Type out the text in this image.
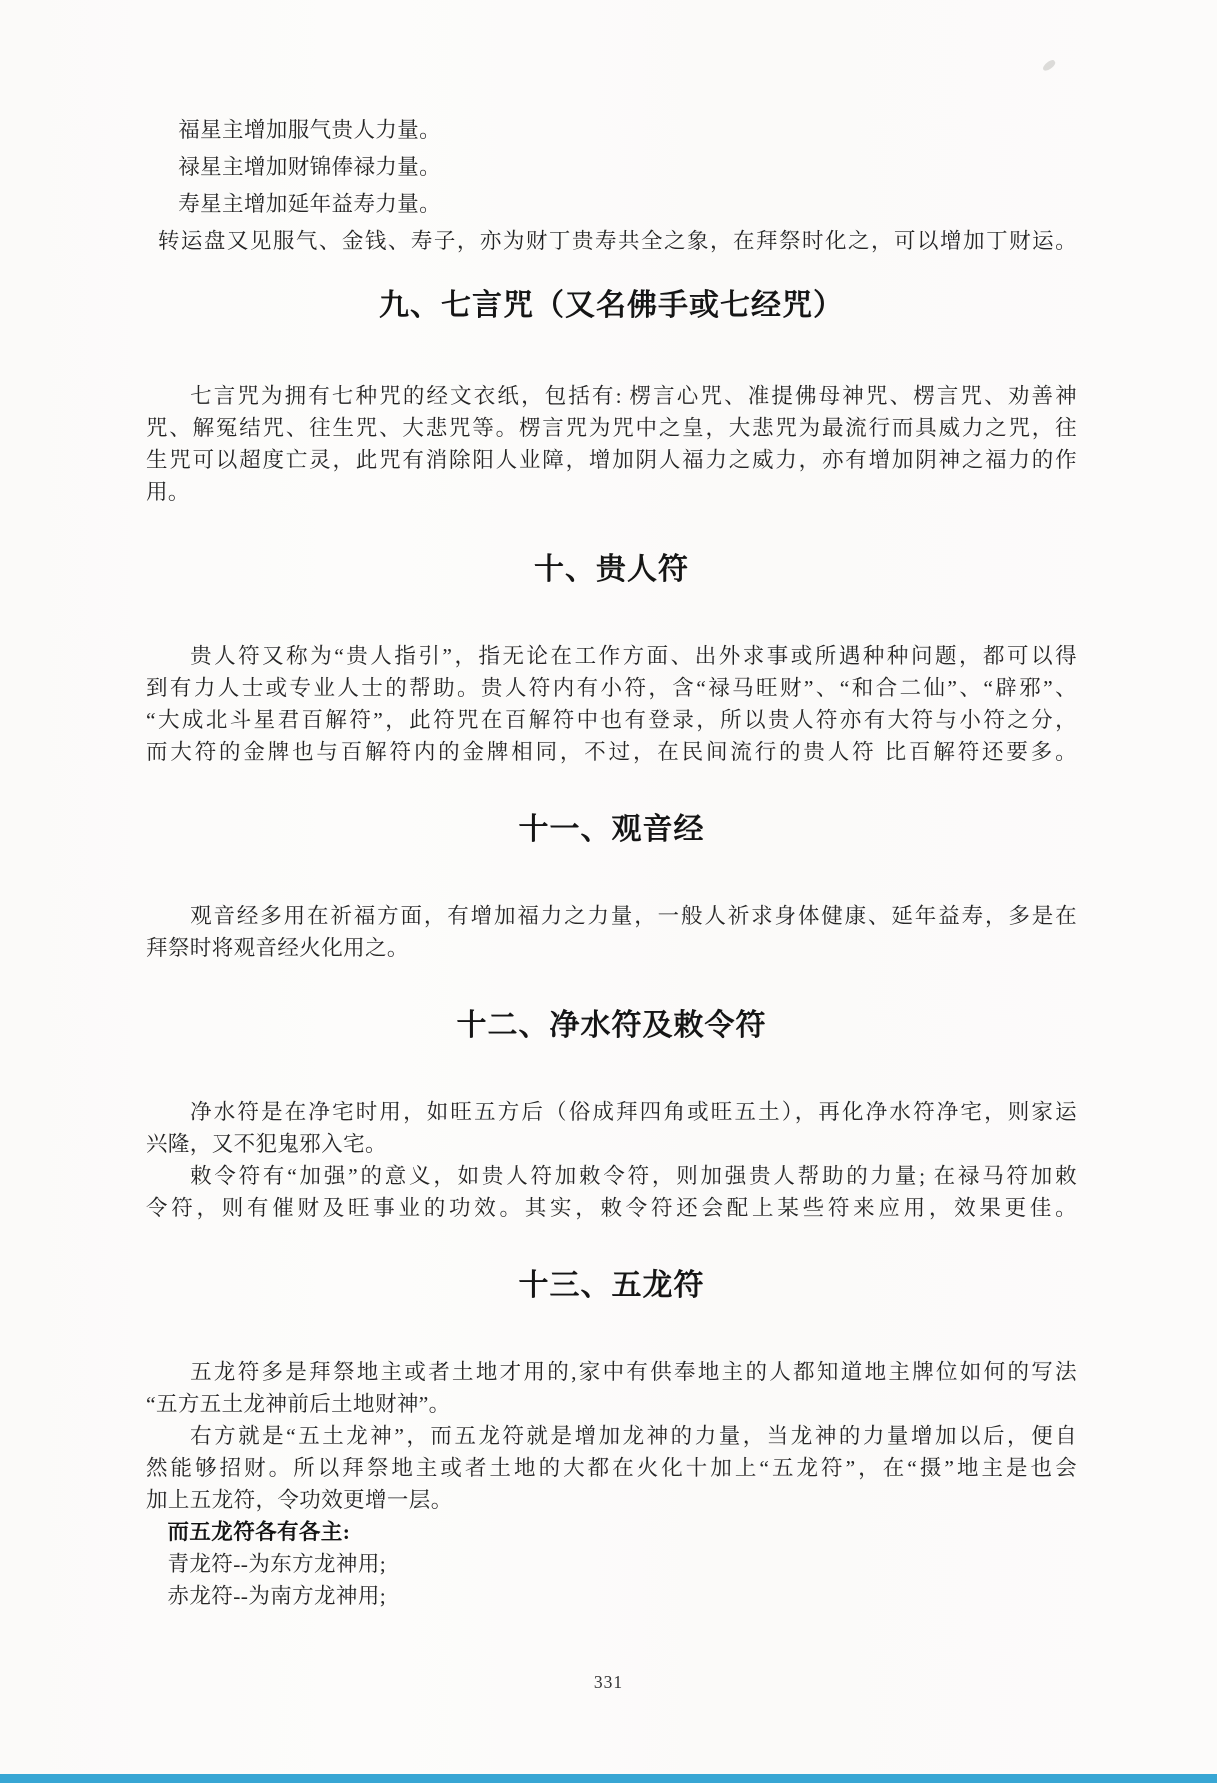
福星主增加服气贵人力量。
禄星主增加财锦俸禄力量。
寿星主增加延年益寿力量。
转运盘又见服气、金钱、寿子，亦为财丁贵寿共全之象，在拜祭时化之，可以增加丁财运。
九、七言咒（又名佛手或七经咒）
七言咒为拥有七种咒的经文衣纸，包括有: 楞言心咒、准提佛母神咒、楞言咒、劝善神
咒、解冤结咒、往生咒、大悲咒等。楞言咒为咒中之皇，大悲咒为最流行而具威力之咒，往
生咒可以超度亡灵，此咒有消除阳人业障，增加阴人福力之威力，亦有增加阴神之福力的作
用。
十、贵人符
贵人符又称为“贵人指引”，指无论在工作方面、出外求事或所遇种种问题，都可以得
到有力人士或专业人士的帮助。贵人符内有小符，含“禄马旺财”、“和合二仙”、“辟邪”、
“大成北斗星君百解符”，此符咒在百解符中也有登录，所以贵人符亦有大符与小符之分，
而大符的金牌也与百解符内的金牌相同，不过，在民间流行的贵人符 比百解符还要多。
十一、观音经
观音经多用在祈福方面，有增加福力之力量，一般人祈求身体健康、延年益寿，多是在
拜祭时将观音经火化用之。
十二、净水符及敕令符
净水符是在净宅时用，如旺五方后（俗成拜四角或旺五土），再化净水符净宅，则家运
兴隆，又不犯鬼邪入宅。
敕令符有“加强”的意义，如贵人符加敕令符，则加强贵人帮助的力量; 在禄马符加敕
令符，则有催财及旺事业的功效。其实，敕令符还会配上某些符来应用，效果更佳。
十三、五龙符
五龙符多是拜祭地主或者土地才用的,家中有供奉地主的人都知道地主牌位如何的写法
“五方五土龙神前后土地财神”。
右方就是“五土龙神”，而五龙符就是增加龙神的力量，当龙神的力量增加以后，便自
然能够招财。所以拜祭地主或者土地的大都在火化十加上“五龙符”，在“摄”地主是也会
加上五龙符，令功效更增一层。
而五龙符各有各主:
青龙符--为东方龙神用;
赤龙符--为南方龙神用;
331
